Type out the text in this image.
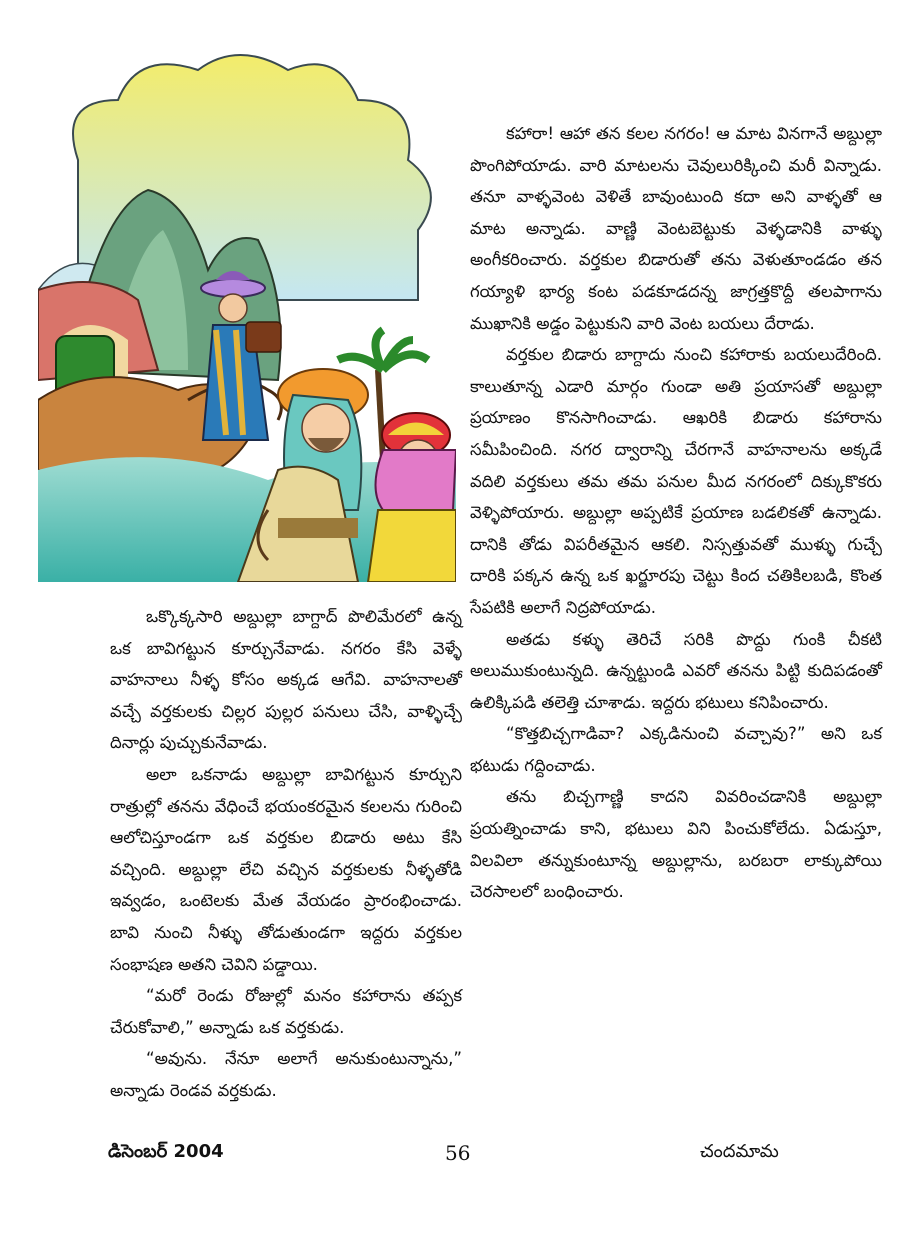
కహారా! ఆహా తన కలల నగరం! ఆ మాట వినగానే అబ్దుల్లా పొంగిపోయాడు. వారి మాటలను చెవులురిక్కించి మరీ విన్నాడు. తనూ వాళ్ళవెంట వెళితే బావుంటుంది కదా అని వాళ్ళతో ఆ మాట అన్నాడు. వాణ్ణి వెంటబెట్టుకు వెళ్ళడానికి వాళ్ళు అంగీకరించారు. వర్తకుల బిడారుతో తను వెళుతూండడం తన గయ్యాళి భార్య కంట పడకూడదన్న జాగ్రత్తకొద్దీ తలపాగాను ముఖానికి అడ్డం పెట్టుకుని వారి వెంట బయలు దేరాడు.

వర్తకుల బిడారు బాగ్దాదు నుంచి కహారాకు బయలుదేరింది. కాలుతూన్న ఎడారి మార్గం గుండా అతి ప్రయాసతో అబ్దుల్లా ప్రయాణం కొనసాగించాడు. ఆఖరికి బిడారు కహారాను సమీపించింది. నగర ద్వారాన్ని చేరగానే వాహనాలను అక్కడే వదిలి వర్తకులు తమ తమ పనుల మీద నగరంలో దిక్కుకొకరు వెళ్ళిపోయారు. అబ్దుల్లా అప్పటికే ప్రయాణ బడలికతో ఉన్నాడు. దానికి తోడు విపరీతమైన ఆకలి. నిస్సత్తువతో ముళ్ళు గుచ్చే దారికి పక్కన ఉన్న ఒక ఖర్జూరపు చెట్టు కింద చతికిలబడి, కొంత సేపటికి అలాగే నిద్రపోయాడు.

అతడు కళ్ళు తెరిచే సరికి పొద్దు గుంకి చీకటి అలుముకుంటున్నది. ఉన్నట్టుండి ఎవరో తనను పిట్టి కుదిపడంతో ఉలిక్కిపడి తలెత్తి చూశాడు. ఇద్దరు భటులు కనిపించారు.

“కొత్తబిచ్చగాడివా? ఎక్కడినుంచి వచ్చావు?” అని ఒక భటుడు గద్దించాడు.

తను బిచ్చగాణ్ణి కాదని వివరించడానికి అబ్దుల్లా ప్రయత్నించాడు కాని, భటులు విని పించుకోలేదు. ఏడుస్తూ, విలవిలా తన్నుకుంటూన్న అబ్దుల్లాను, బరబరా లాక్కుపోయి చెరసాలలో బంధించారు.

ఒక్కొక్కసారి అబ్దుల్లా బాగ్దాద్ పొలిమేరలో ఉన్న ఒక బావిగట్టున కూర్చునేవాడు. నగరం కేసి వెళ్ళే వాహనాలు నీళ్ళ కోసం అక్కడ ఆగేవి. వాహనాలతో వచ్చే వర్తకులకు చిల్లర పుల్లర పనులు చేసి, వాళ్ళిచ్చే దినార్లు పుచ్చుకునేవాడు.

అలా ఒకనాడు అబ్దుల్లా బావిగట్టున కూర్చుని రాత్రుల్లో తనను వేధించే భయంకరమైన కలలను గురించి ఆలోచిస్తూండగా ఒక వర్తకుల బిడారు అటు కేసి వచ్చింది. అబ్దుల్లా లేచి వచ్చిన వర్తకులకు నీళ్ళతోడి ఇవ్వడం, ఒంటెలకు మేత వేయడం ప్రారంభించాడు. బావి నుంచి నీళ్ళు తోడుతుండగా ఇద్దరు వర్తకుల సంభాషణ అతని చెవిని పడ్డాయి.

“మరో రెండు రోజుల్లో మనం కహారాను తప్పక చేరుకోవాలి,” అన్నాడు ఒక వర్తకుడు.

“అవును. నేనూ అలాగే అనుకుంటున్నాను,” అన్నాడు రెండవ వర్తకుడు.

డిసెంబర్ 2004	56	చందమామ
